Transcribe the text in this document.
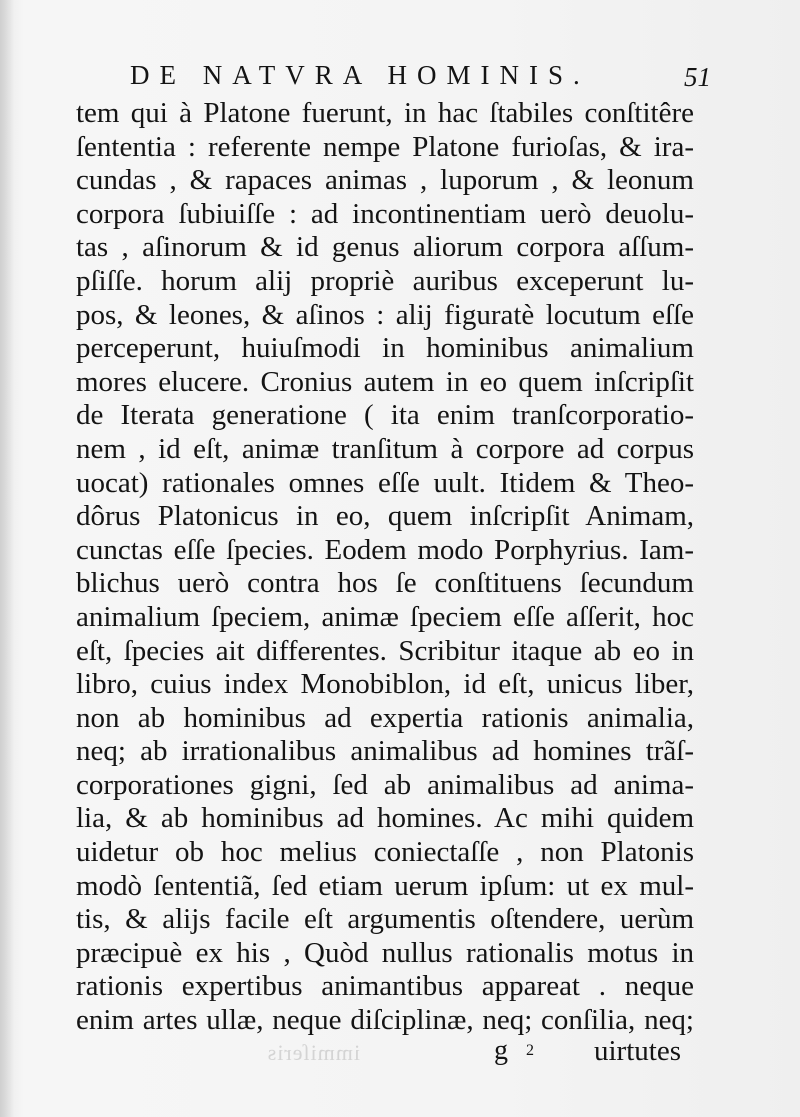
DE NATVRA HOMINIS.	51
tem qui à Platone fuerunt, in hac ſtabiles conſtitêre
ſententia : referente nempe Platone furioſas, & ira-
cundas , & rapaces animas , luporum , & leonum
corpora ſubiuiſſe : ad incontinentiam uerò deuolu-
tas , aſinorum & id genus aliorum corpora aſſum-
pſiſſe. horum alij propriè auribus exceperunt lu-
pos, & leones, & aſinos : alij figuratè locutum eſſe
perceperunt, huiuſmodi in hominibus animalium
mores elucere. Cronius autem in eo quem inſcripſit
de Iterata generatione ( ita enim tranſcorporatio-
nem , id eſt, animæ tranſitum à corpore ad corpus
uocat) rationales omnes eſſe uult. Itidem & Theo-
dôrus Platonicus in eo, quem inſcripſit Animam,
cunctas eſſe ſpecies. Eodem modo Porphyrius. Iam-
blichus uerò contra hos ſe conſtituens ſecundum
animalium ſpeciem, animæ ſpeciem eſſe aſſerit, hoc
eſt, ſpecies ait differentes. Scribitur itaque ab eo in
libro, cuius index Monobiblon, id eſt, unicus liber,
non ab hominibus ad expertia rationis animalia,
neq; ab irrationalibus animalibus ad homines trãſ-
corporationes gigni, ſed ab animalibus ad anima-
lia, & ab hominibus ad homines. Ac mihi quidem
uidetur ob hoc melius coniectaſſe , non Platonis
modò ſententiã, ſed etiam uerum ipſum: ut ex mul-
tis, & alijs facile eſt argumentis oſtendere, uerùm
præcipuè ex his , Quòd nullus rationalis motus in
rationis expertibus animantibus appareat . neque
enim artes ullæ, neque diſciplinæ, neq; conſilia, neq;
immiſeris	g 2 uirtutes
